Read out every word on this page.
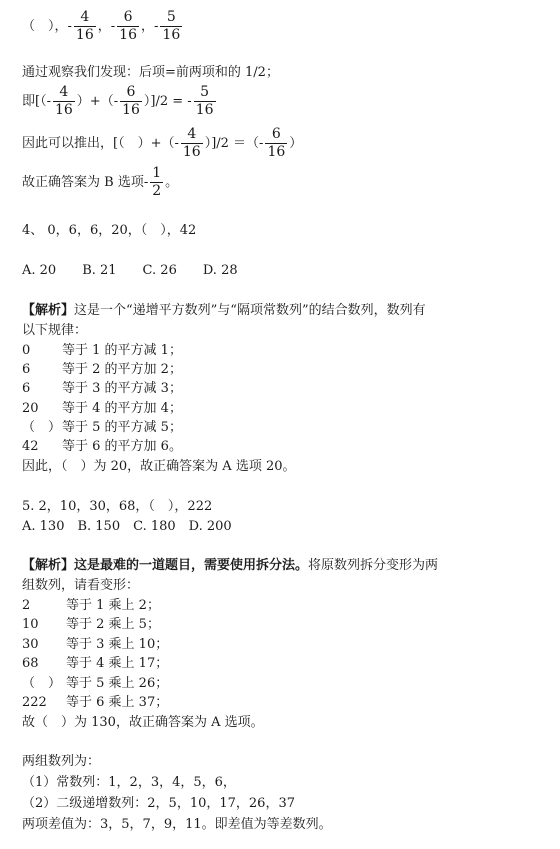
（　），- $\frac{4}{16}$ ，- $\frac{6}{16}$ ，- $\frac{5}{16}$
通过观察我们发现：后项=前两项和的 1/2；
即[（- $\frac{4}{16}$ ）+（- $\frac{6}{16} )]/2$ = - $\frac{5}{16}$
因此可以推出，[（　）+（- $\frac{4}{16} )]/2$ ＝（- $\frac{6}{16}$ ）
故正确答案为 B 选项- $\frac{1}{2}$ 。
4、 0，6，6，20，（　），42
A. 20　　B. 21　　C. 26　　D. 28
【解析】这是一个“递增平方数列”与“隔项常数列”的结合数列，数列有
以下规律：
0 等于 1 的平方减 1；
6 等于 2 的平方加 2；
6 等于 3 的平方减 3；
20 等于 4 的平方加 4；
（　）等于 5 的平方减 5；
42 等于 6 的平方加 6。
因此，（　）为 20，故正确答案为 A 选项 20。
5. 2，10，30，68，（　），222
A. 130　B. 150　C. 180　D. 200
【解析】这是最难的一道题目，需要使用拆分法。将原数列拆分变形为两
组数列，请看变形：
2	等于 1 乘上 2；
10 等于 2 乘上 5；
30 等于 3 乘上 10；
68 等于 4 乘上 17；
（　） 等于 5 乘上 26；
222 等于 6 乘上 37；
故（　）为 130，故正确答案为 A 选项。
两组数列为：
（1）常数列：1，2，3，4，5，6，
（2）二级递增数列：2，5，10，17，26，37
两项差值为：3，5，7，9，11。即差值为等差数列。
